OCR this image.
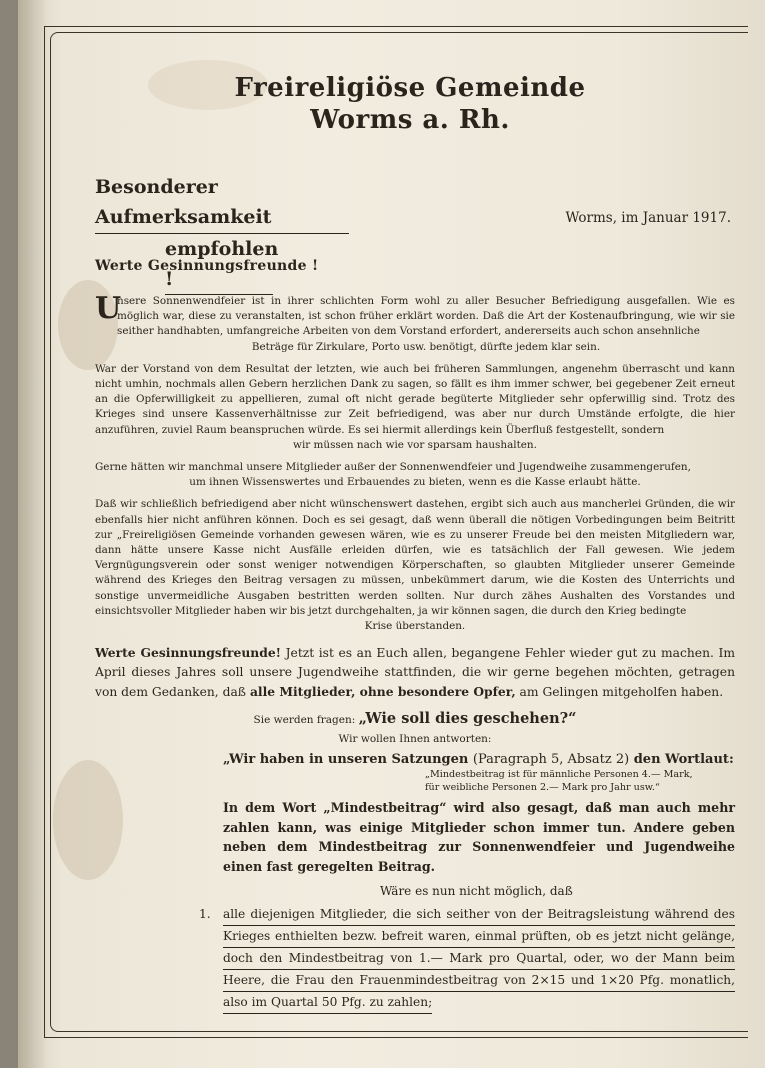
Freireligiöse Gemeinde
Worms a. Rh.
Besonderer Aufmerksamkeit
empfohlen !
Worms, im Januar 1917.
Werte Gesinnungsfreunde !
U

nsere Sonnenwendfeier ist in ihrer schlichten Form wohl zu aller Besucher Befriedigung ausgefallen. Wie es möglich war, diese zu veranstalten, ist schon früher erklärt worden. Daß die Art der Kostenaufbringung, wie wir sie seither handhabten, umfangreiche Arbeiten von dem Vorstand erfordert, andererseits auch schon ansehnliche

Beträge für Zirkulare, Porto usw. benötigt, dürfte jedem klar sein.

War der Vorstand von dem Resultat der letzten, wie auch bei früheren Sammlungen, angenehm überrascht und kann nicht umhin, nochmals allen Gebern herzlichen Dank zu sagen, so fällt es ihm immer schwer, bei gegebener Zeit erneut an die Opferwilligkeit zu appellieren, zumal oft nicht gerade begüterte Mitglieder sehr opferwillig sind. Trotz des Krieges sind unsere Kassenverhältnisse zur Zeit befriedigend, was aber nur durch Umstände erfolgte, die hier anzuführen, zuviel Raum beanspruchen würde. Es sei hiermit allerdings kein Überfluß festgestellt, sondern

wir müssen nach wie vor sparsam haushalten.

Gerne hätten wir manchmal unsere Mitglieder außer der Sonnenwendfeier und Jugendweihe zusammengerufen,

um ihnen Wissenswertes und Erbauendes zu bieten, wenn es die Kasse erlaubt hätte.

Daß wir schließlich befriedigend aber nicht wünschenswert dastehen, ergibt sich auch aus mancherlei Gründen, die wir ebenfalls hier nicht anführen können. Doch es sei gesagt, daß wenn überall die nötigen Vorbedingungen beim Beitritt zur „Freireligiösen Gemeinde vorhanden gewesen wären, wie es zu unserer Freude bei den meisten Mitgliedern war, dann hätte unsere Kasse nicht Ausfälle erleiden dürfen, wie es tatsächlich der Fall gewesen. Wie jedem Vergnügungsverein oder sonst weniger notwendigen Körperschaften, so glaubten Mitglieder unserer Gemeinde während des Krieges den Beitrag versagen zu müssen, unbekümmert darum, wie die Kosten des Unterrichts und sonstige unvermeidliche Ausgaben bestritten werden sollten. Nur durch zähes Aushalten des Vorstandes und einsichtsvoller Mitglieder haben wir bis jetzt durchgehalten, ja wir können sagen, die durch den Krieg bedingte

Krise überstanden.
Werte Gesinnungsfreunde! Jetzt ist es an Euch allen, begangene Fehler wieder gut zu machen. Im April dieses Jahres soll unsere Jugendweihe stattfinden, die wir gerne begehen möchten, getragen von dem Gedanken, daß alle Mitglieder, ohne besondere Opfer, am Gelingen mitgeholfen haben.
Sie werden fragen: „Wie soll dies geschehen?“
Wir wollen Ihnen antworten:
„Wir haben in unseren Satzungen (Paragraph 5, Absatz 2) den Wortlaut:
„Mindestbeitrag ist für männliche Personen 4.— Mark,
für weibliche Personen 2.— Mark pro Jahr usw.“
In dem Wort „Mindestbeitrag“ wird also gesagt, daß man auch mehr zahlen kann, was einige Mitglieder schon immer tun. Andere geben neben dem Mindestbeitrag zur Sonnenwendfeier und Jugendweihe einen fast geregelten Beitrag.
Wäre es nun nicht möglich, daß
1. alle diejenigen Mitglieder, die sich seither von der Beitragsleistung während des
Krieges enthielten bezw. befreit waren, einmal prüften, ob es jetzt nicht gelänge,
doch den Mindestbeitrag von 1.— Mark pro Quartal, oder, wo der Mann beim
Heere, die Frau den Frauenmindestbeitrag von 2×15 und 1×20 Pfg. monatlich,
also im Quartal 50 Pfg. zu zahlen;
